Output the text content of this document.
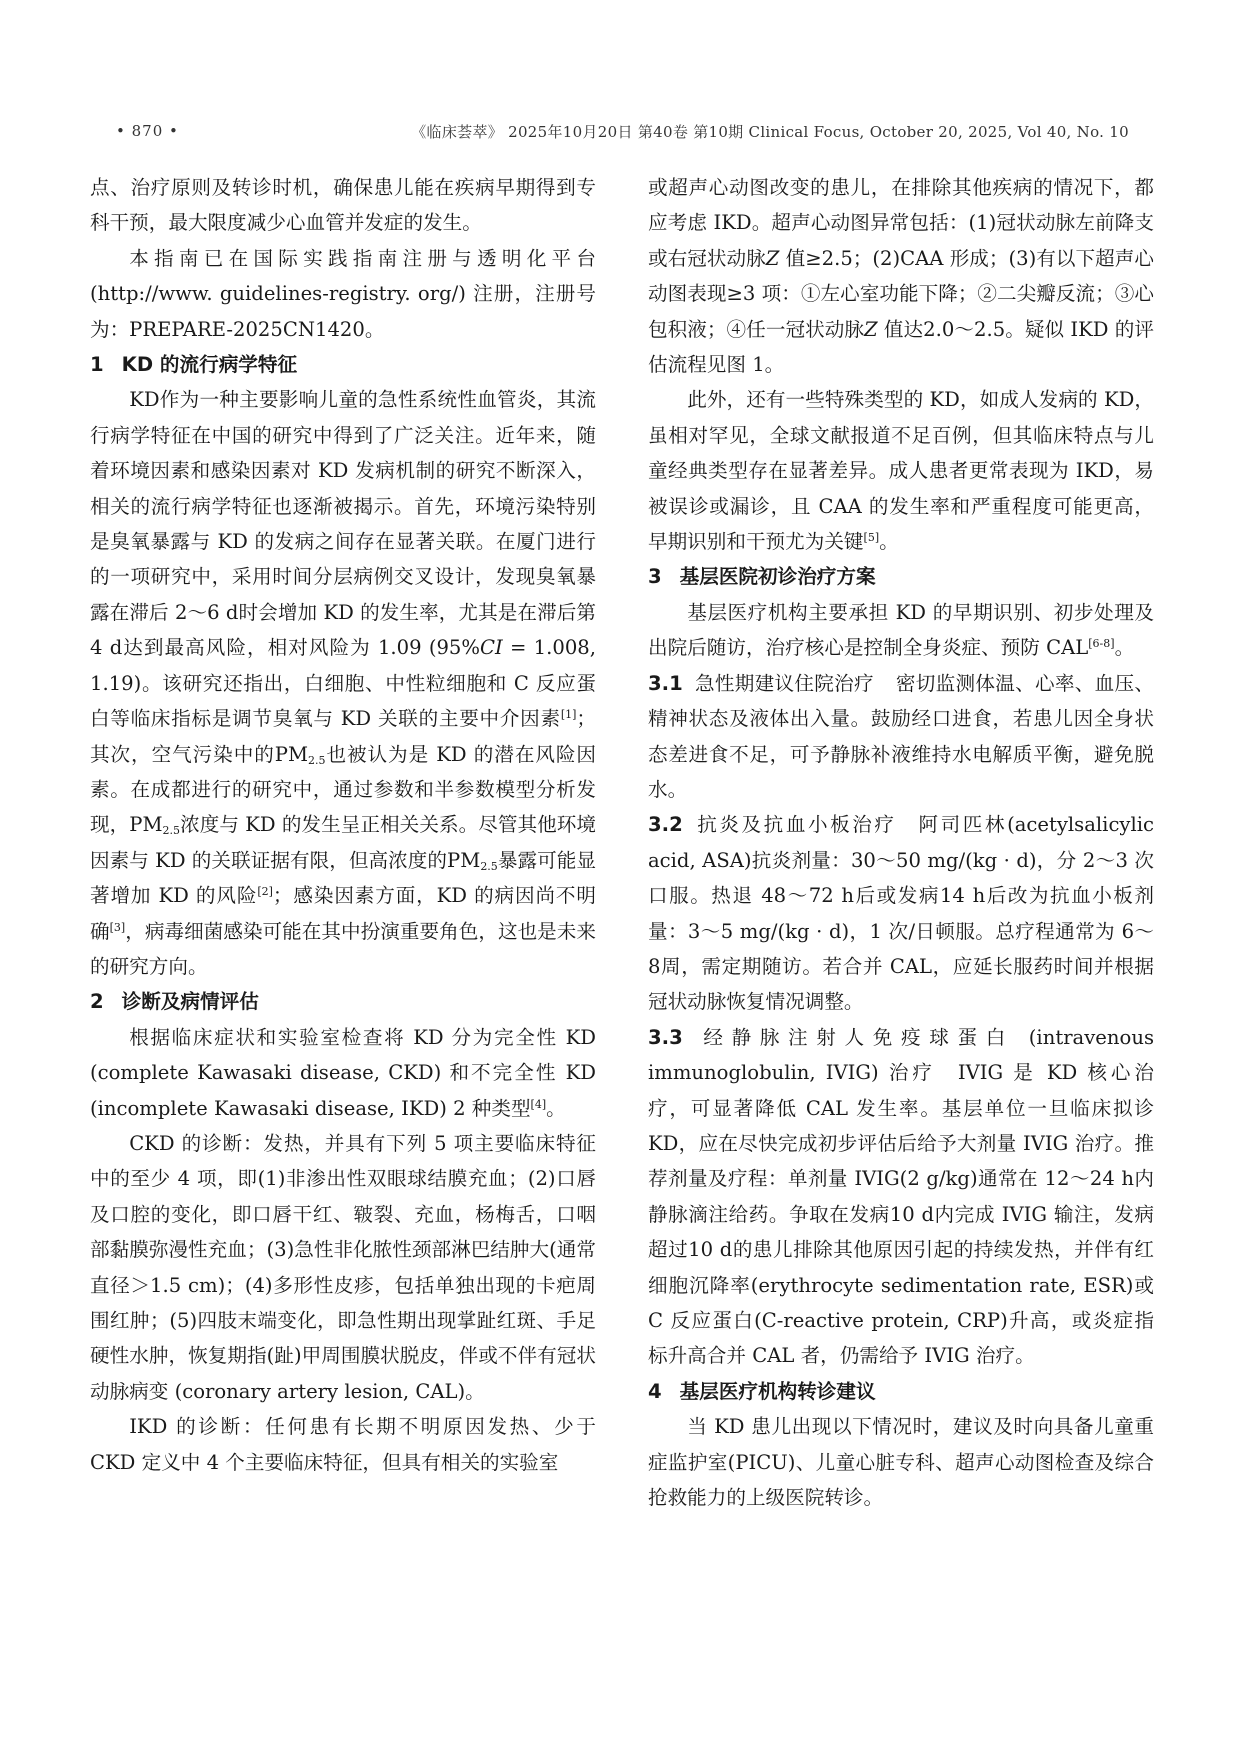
• 870 •	《临床荟萃》 2025年10月20日 第40卷 第10期 Clinical Focus, October 20, 2025, Vol 40, No. 10

点、治疗原则及转诊时机，确保患儿能在疾病早期得到专科干预，最大限度减少心血管并发症的发生。

本指南已在国际实践指南注册与透明化平台 (http://www. guidelines-registry. org/) 注册，注册号为：PREPARE-2025CN1420。

1 KD 的流行病学特征

KD作为一种主要影响儿童的急性系统性血管炎，其流行病学特征在中国的研究中得到了广泛关注。近年来，随着环境因素和感染因素对 KD 发病机制的研究不断深入，相关的流行病学特征也逐渐被揭示。首先，环境污染特别是臭氧暴露与 KD 的发病之间存在显著关联。在厦门进行的一项研究中，采用时间分层病例交叉设计，发现臭氧暴露在滞后 2～6 d时会增加 KD 的发生率，尤其是在滞后第 4 d达到最高风险，相对风险为 1.09 (95%CI = 1.008, 1.19)。该研究还指出，白细胞、中性粒细胞和 C 反应蛋白等临床指标是调节臭氧与 KD 关联的主要中介因素[1]；其次，空气污染中的$PM_{2.5}$也被认为是 KD 的潜在风险因素。在成都进行的研究中，通过参数和半参数模型分析发现，$PM_{2.5}$浓度与 KD 的发生呈正相关关系。尽管其他环境因素与 KD 的关联证据有限，但高浓度的$PM_{2.5}$暴露可能显著增加 KD 的风险[2]；感染因素方面，KD 的病因尚不明确[3]，病毒细菌感染可能在其中扮演重要角色，这也是未来的研究方向。

2 诊断及病情评估

根据临床症状和实验室检查将 KD 分为完全性 KD (complete Kawasaki disease, CKD) 和不完全性 KD (incomplete Kawasaki disease, IKD) 2 种类型[4]。

CKD 的诊断：发热，并具有下列 5 项主要临床特征中的至少 4 项，即(1)非渗出性双眼球结膜充血；(2)口唇及口腔的变化，即口唇干红、皲裂、充血，杨梅舌，口咽部黏膜弥漫性充血；(3)急性非化脓性颈部淋巴结肿大(通常直径＞1.5 cm)；(4)多形性皮疹，包括单独出现的卡疤周围红肿；(5)四肢末端变化，即急性期出现掌趾红斑、手足硬性水肿，恢复期指(趾)甲周围膜状脱皮，伴或不伴有冠状动脉病变 (coronary artery lesion, CAL)。

IKD 的诊断：任何患有长期不明原因发热、少于 CKD 定义中 4 个主要临床特征，但具有相关的实验室

或超声心动图改变的患儿，在排除其他疾病的情况下，都应考虑 IKD。超声心动图异常包括：(1)冠状动脉左前降支或右冠状动脉Z 值≥2.5；(2)CAA 形成；(3)有以下超声心动图表现≥3 项：①左心室功能下降；②二尖瓣反流；③心包积液；④任一冠状动脉Z 值达2.0～2.5。疑似 IKD 的评估流程见图 1。

此外，还有一些特殊类型的 KD，如成人发病的 KD，虽相对罕见，全球文献报道不足百例，但其临床特点与儿童经典类型存在显著差异。成人患者更常表现为 IKD，易被误诊或漏诊，且 CAA 的发生率和严重程度可能更高，早期识别和干预尤为关键[5]。

3 基层医院初诊治疗方案

基层医疗机构主要承担 KD 的早期识别、初步处理及出院后随访，治疗核心是控制全身炎症、预防 CAL[6-8]。

3.1 急性期建议住院治疗 密切监测体温、心率、血压、精神状态及液体出入量。鼓励经口进食，若患儿因全身状态差进食不足，可予静脉补液维持水电解质平衡，避免脱水。

3.2 抗炎及抗血小板治疗 阿司匹林(acetylsalicylic acid, ASA)抗炎剂量：30～50 mg/(kg · d)，分 2～3 次口服。热退 48～72 h后或发病14 h后改为抗血小板剂量：3～5 mg/(kg · d)，1 次/日顿服。总疗程通常为 6～8周，需定期随访。若合并 CAL，应延长服药时间并根据冠状动脉恢复情况调整。

3.3 经静脉注射人免疫球蛋白 (intravenous immunoglobulin, IVIG) 治疗 IVIG 是 KD 核心治疗，可显著降低 CAL 发生率。基层单位一旦临床拟诊 KD，应在尽快完成初步评估后给予大剂量 IVIG 治疗。推荐剂量及疗程：单剂量 IVIG(2 g/kg)通常在 12～24 h内静脉滴注给药。争取在发病10 d内完成 IVIG 输注，发病超过10 d的患儿排除其他原因引起的持续发热，并伴有红细胞沉降率(erythrocyte sedimentation rate, ESR)或 C 反应蛋白(C-reactive protein, CRP)升高，或炎症指标升高合并 CAL 者，仍需给予 IVIG 治疗。

4 基层医疗机构转诊建议

当 KD 患儿出现以下情况时，建议及时向具备儿童重症监护室(PICU)、儿童心脏专科、超声心动图检查及综合抢救能力的上级医院转诊。
